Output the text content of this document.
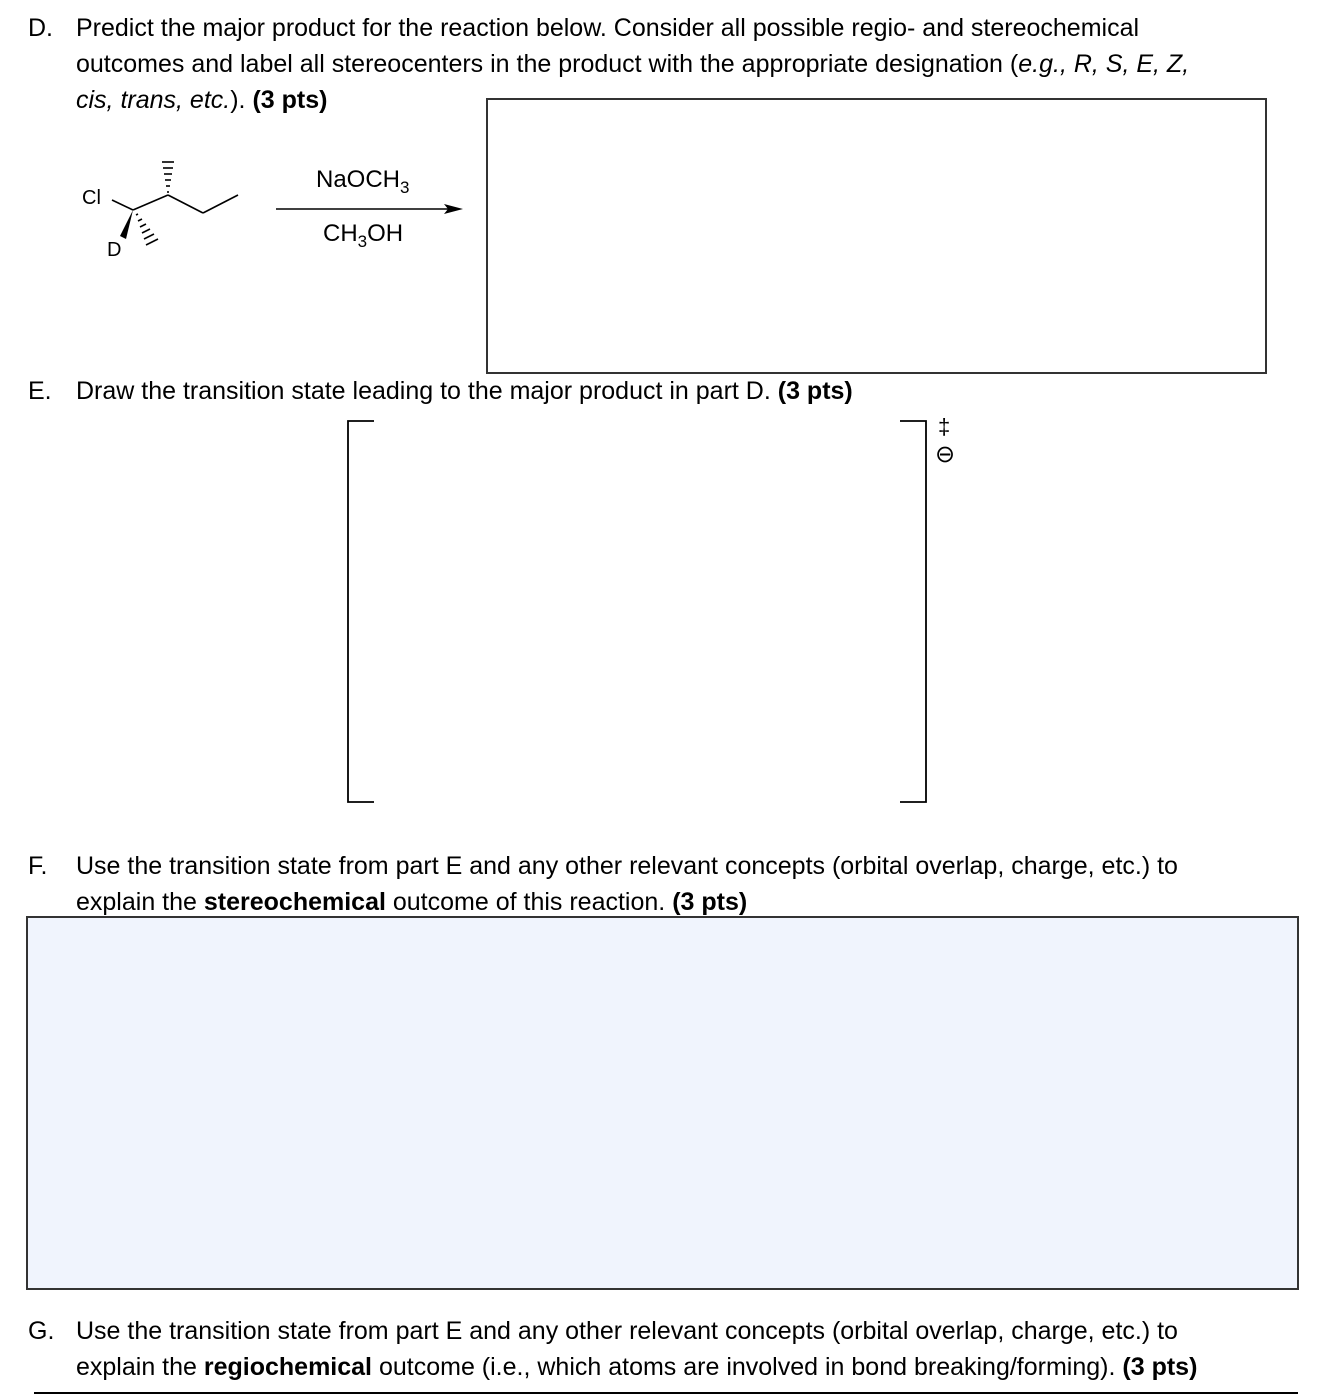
D. Predict the major product for the reaction below. Consider all possible regio- and stereochemical
outcomes and label all stereocenters in the product with the appropriate designation (e.g., R, S, E, Z,
cis, trans, etc.). (3 pts)
Cl
D
NaOCH$_3$
$CH_3OH$
E. Draw the transition state leading to the major product in part D. (3 pts)
‡
⊖
F. Use the transition state from part E and any other relevant concepts (orbital overlap, charge, etc.) to
explain the stereochemical outcome of this reaction. (3 pts)
G. Use the transition state from part E and any other relevant concepts (orbital overlap, charge, etc.) to
explain the regiochemical outcome (i.e., which atoms are involved in bond breaking/forming). (3 pts)
